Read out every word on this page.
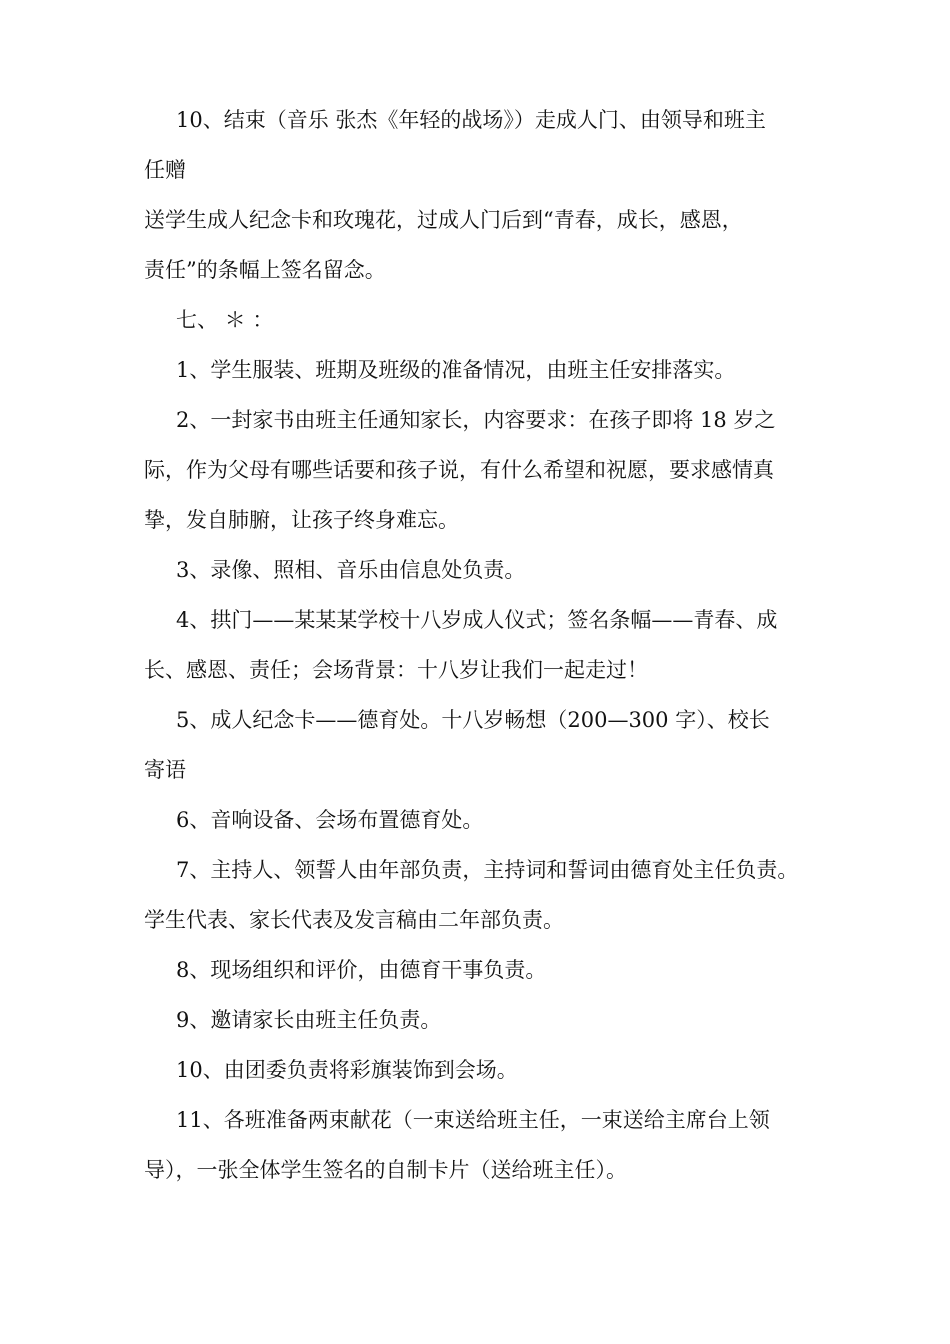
10、结束（音乐 张杰《年轻的战场》）走成人门、由领导和班主
任赠
送学生成人纪念卡和玫瑰花，过成人门后到“青春，成长，感恩，
责任”的条幅上签名留念。
七、 ＊ ：
1、学生服装、班期及班级的准备情况，由班主任安排落实。
2、一封家书由班主任通知家长，内容要求：在孩子即将 18 岁之
际，作为父母有哪些话要和孩子说，有什么希望和祝愿，要求感情真
挚，发自肺腑，让孩子终身难忘。
3、录像、照相、音乐由信息处负责。
4、拱门——某某某学校十八岁成人仪式；签名条幅——青春、成
长、感恩、责任；会场背景：十八岁让我们一起走过！
5、成人纪念卡——德育处。十八岁畅想（200—300 字）、校长
寄语
6、音响设备、会场布置德育处。
7、主持人、领誓人由年部负责，主持词和誓词由德育处主任负责。
学生代表、家长代表及发言稿由二年部负责。
8、现场组织和评价，由德育干事负责。
9、邀请家长由班主任负责。
10、由团委负责将彩旗装饰到会场。
11、各班准备两束献花（一束送给班主任，一束送给主席台上领
导），一张全体学生签名的自制卡片（送给班主任）。
